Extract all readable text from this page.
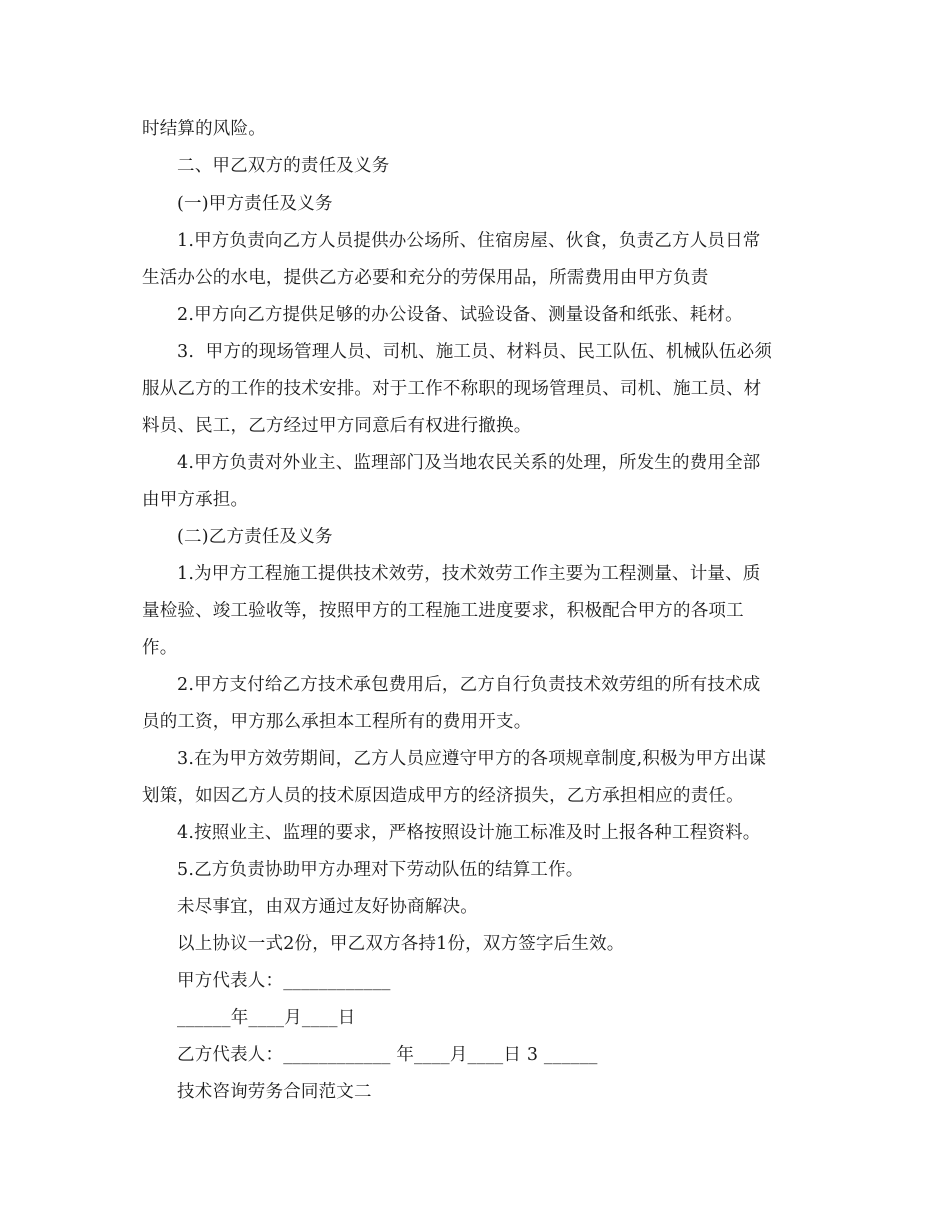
时结算的风险。
二、甲乙双方的责任及义务
(一)甲方责任及义务
1.甲方负责向乙方人员提供办公场所、住宿房屋、伙食，负责乙方人员日常
生活办公的水电，提供乙方必要和充分的劳保用品，所需费用由甲方负责
2.甲方向乙方提供足够的办公设备、试验设备、测量设备和纸张、耗材。
3.  甲方的现场管理人员、司机、施工员、材料员、民工队伍、机械队伍必须
服从乙方的工作的技术安排。对于工作不称职的现场管理员、司机、施工员、材
料员、民工，乙方经过甲方同意后有权进行撤换。
4.甲方负责对外业主、监理部门及当地农民关系的处理，所发生的费用全部
由甲方承担。
(二)乙方责任及义务
1.为甲方工程施工提供技术效劳，技术效劳工作主要为工程测量、计量、质
量检验、竣工验收等，按照甲方的工程施工进度要求，积极配合甲方的各项工
作。
2.甲方支付给乙方技术承包费用后，乙方自行负责技术效劳组的所有技术成
员的工资，甲方那么承担本工程所有的费用开支。
3.在为甲方效劳期间，乙方人员应遵守甲方的各项规章制度,积极为甲方出谋
划策，如因乙方人员的技术原因造成甲方的经济损失，乙方承担相应的责任。
4.按照业主、监理的要求，严格按照设计施工标准及时上报各种工程资料。
5.乙方负责协助甲方办理对下劳动队伍的结算工作。
未尽事宜，由双方通过友好协商解决。
以上协议一式2份，甲乙双方各持1份，双方签字后生效。
甲方代表人：____________
______年____月____日
乙方代表人：____________ 年____月____日 3 ______
技术咨询劳务合同范文二
